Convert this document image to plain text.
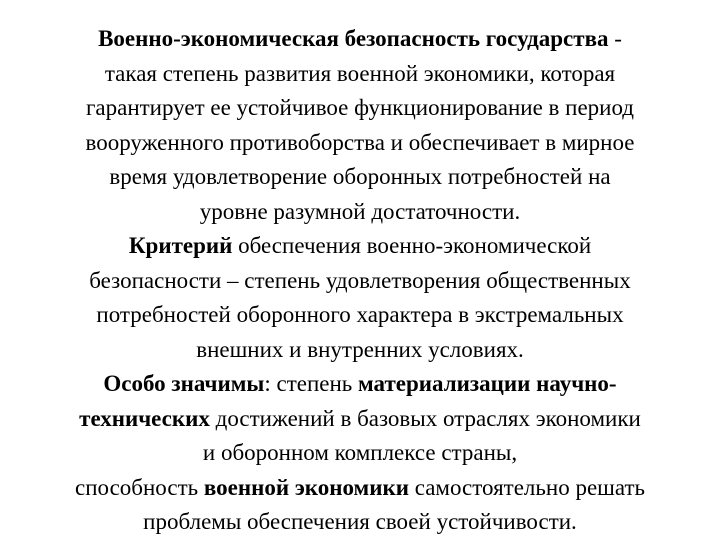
Военно-экономическая безопасность государства -
такая степень развития военной экономики, которая
гарантирует ее устойчивое функционирование в период
вооруженного противоборства и обеспечивает в мирное
время удовлетворение оборонных потребностей на
уровне разумной достаточности.
Критерий обеспечения военно-экономической
безопасности – степень удовлетворения общественных
потребностей оборонного характера в экстремальных
внешних и внутренних условиях.
Особо значимы: степень материализации научно-
технических достижений в базовых отраслях экономики
и оборонном комплексе страны,
способность военной экономики самостоятельно решать
проблемы обеспечения своей устойчивости.
